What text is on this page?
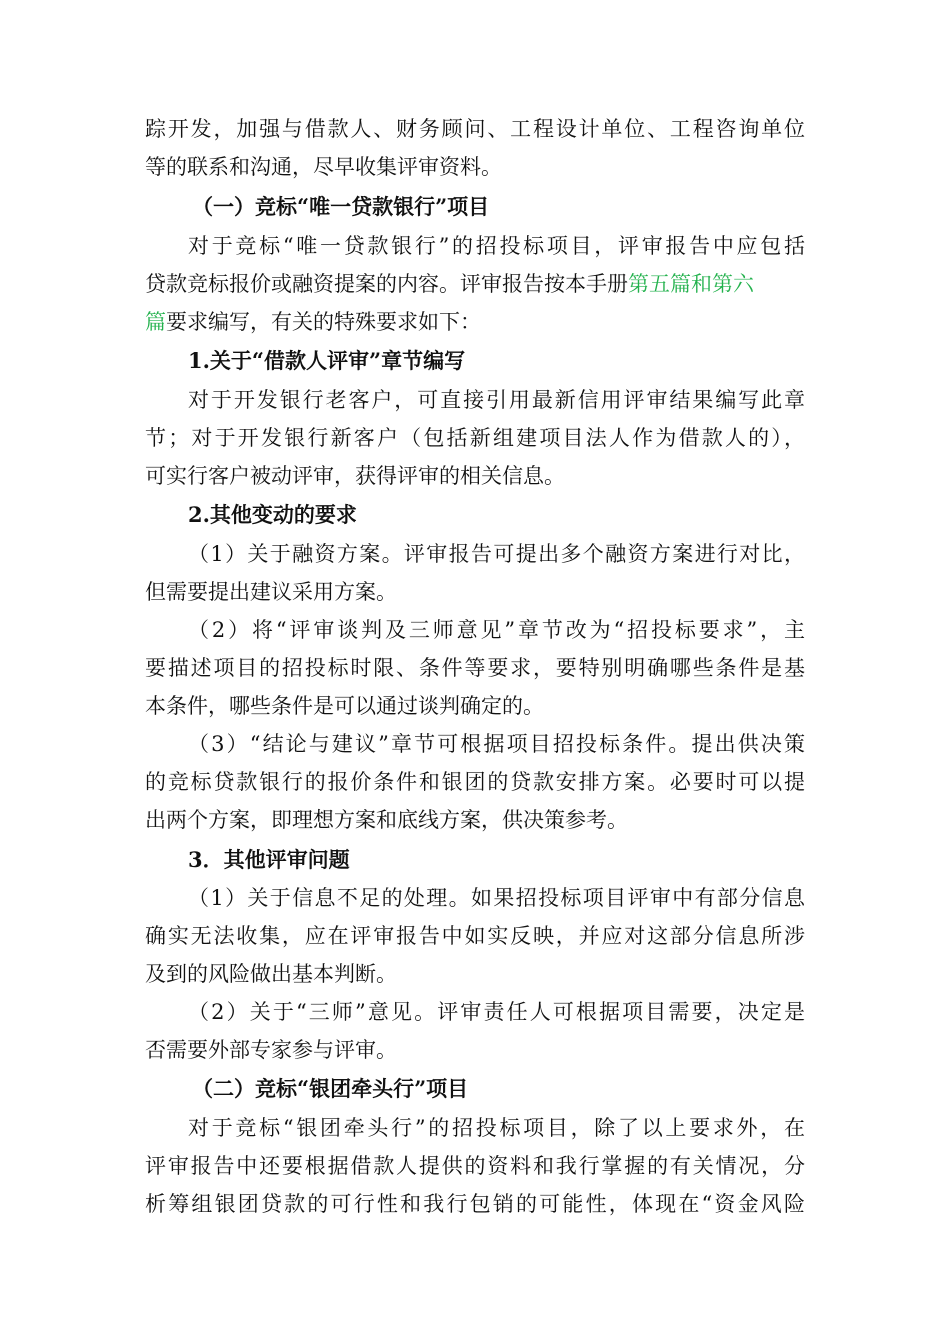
踪开发，加强与借款人、财务顾问、工程设计单位、工程咨询单位
等的联系和沟通，尽早收集评审资料。
（一）竞标“唯一贷款银行”项目
对于竞标“唯一贷款银行”的招投标项目，评审报告中应包括
贷款竞标报价或融资提案的内容。评审报告按本手册第五篇和第六
篇要求编写，有关的特殊要求如下：
1.关于“借款人评审”章节编写
对于开发银行老客户，可直接引用最新信用评审结果编写此章
节；对于开发银行新客户（包括新组建项目法人作为借款人的），
可实行客户被动评审，获得评审的相关信息。
2.其他变动的要求
（1）关于融资方案。评审报告可提出多个融资方案进行对比，
但需要提出建议采用方案。
（2）将“评审谈判及三师意见”章节改为“招投标要求”，主
要描述项目的招投标时限、条件等要求，要特别明确哪些条件是基
本条件，哪些条件是可以通过谈判确定的。
（3）“结论与建议”章节可根据项目招投标条件。提出供决策
的竞标贷款银行的报价条件和银团的贷款安排方案。必要时可以提
出两个方案，即理想方案和底线方案，供决策参考。
3．其他评审问题
（1）关于信息不足的处理。如果招投标项目评审中有部分信息
确实无法收集，应在评审报告中如实反映，并应对这部分信息所涉
及到的风险做出基本判断。
（2）关于“三师”意见。评审责任人可根据项目需要，决定是
否需要外部专家参与评审。
（二）竞标“银团牵头行”项目
对于竞标“银团牵头行”的招投标项目，除了以上要求外，在
评审报告中还要根据借款人提供的资料和我行掌握的有关情况，分
析筹组银团贷款的可行性和我行包销的可能性，体现在“资金风险
